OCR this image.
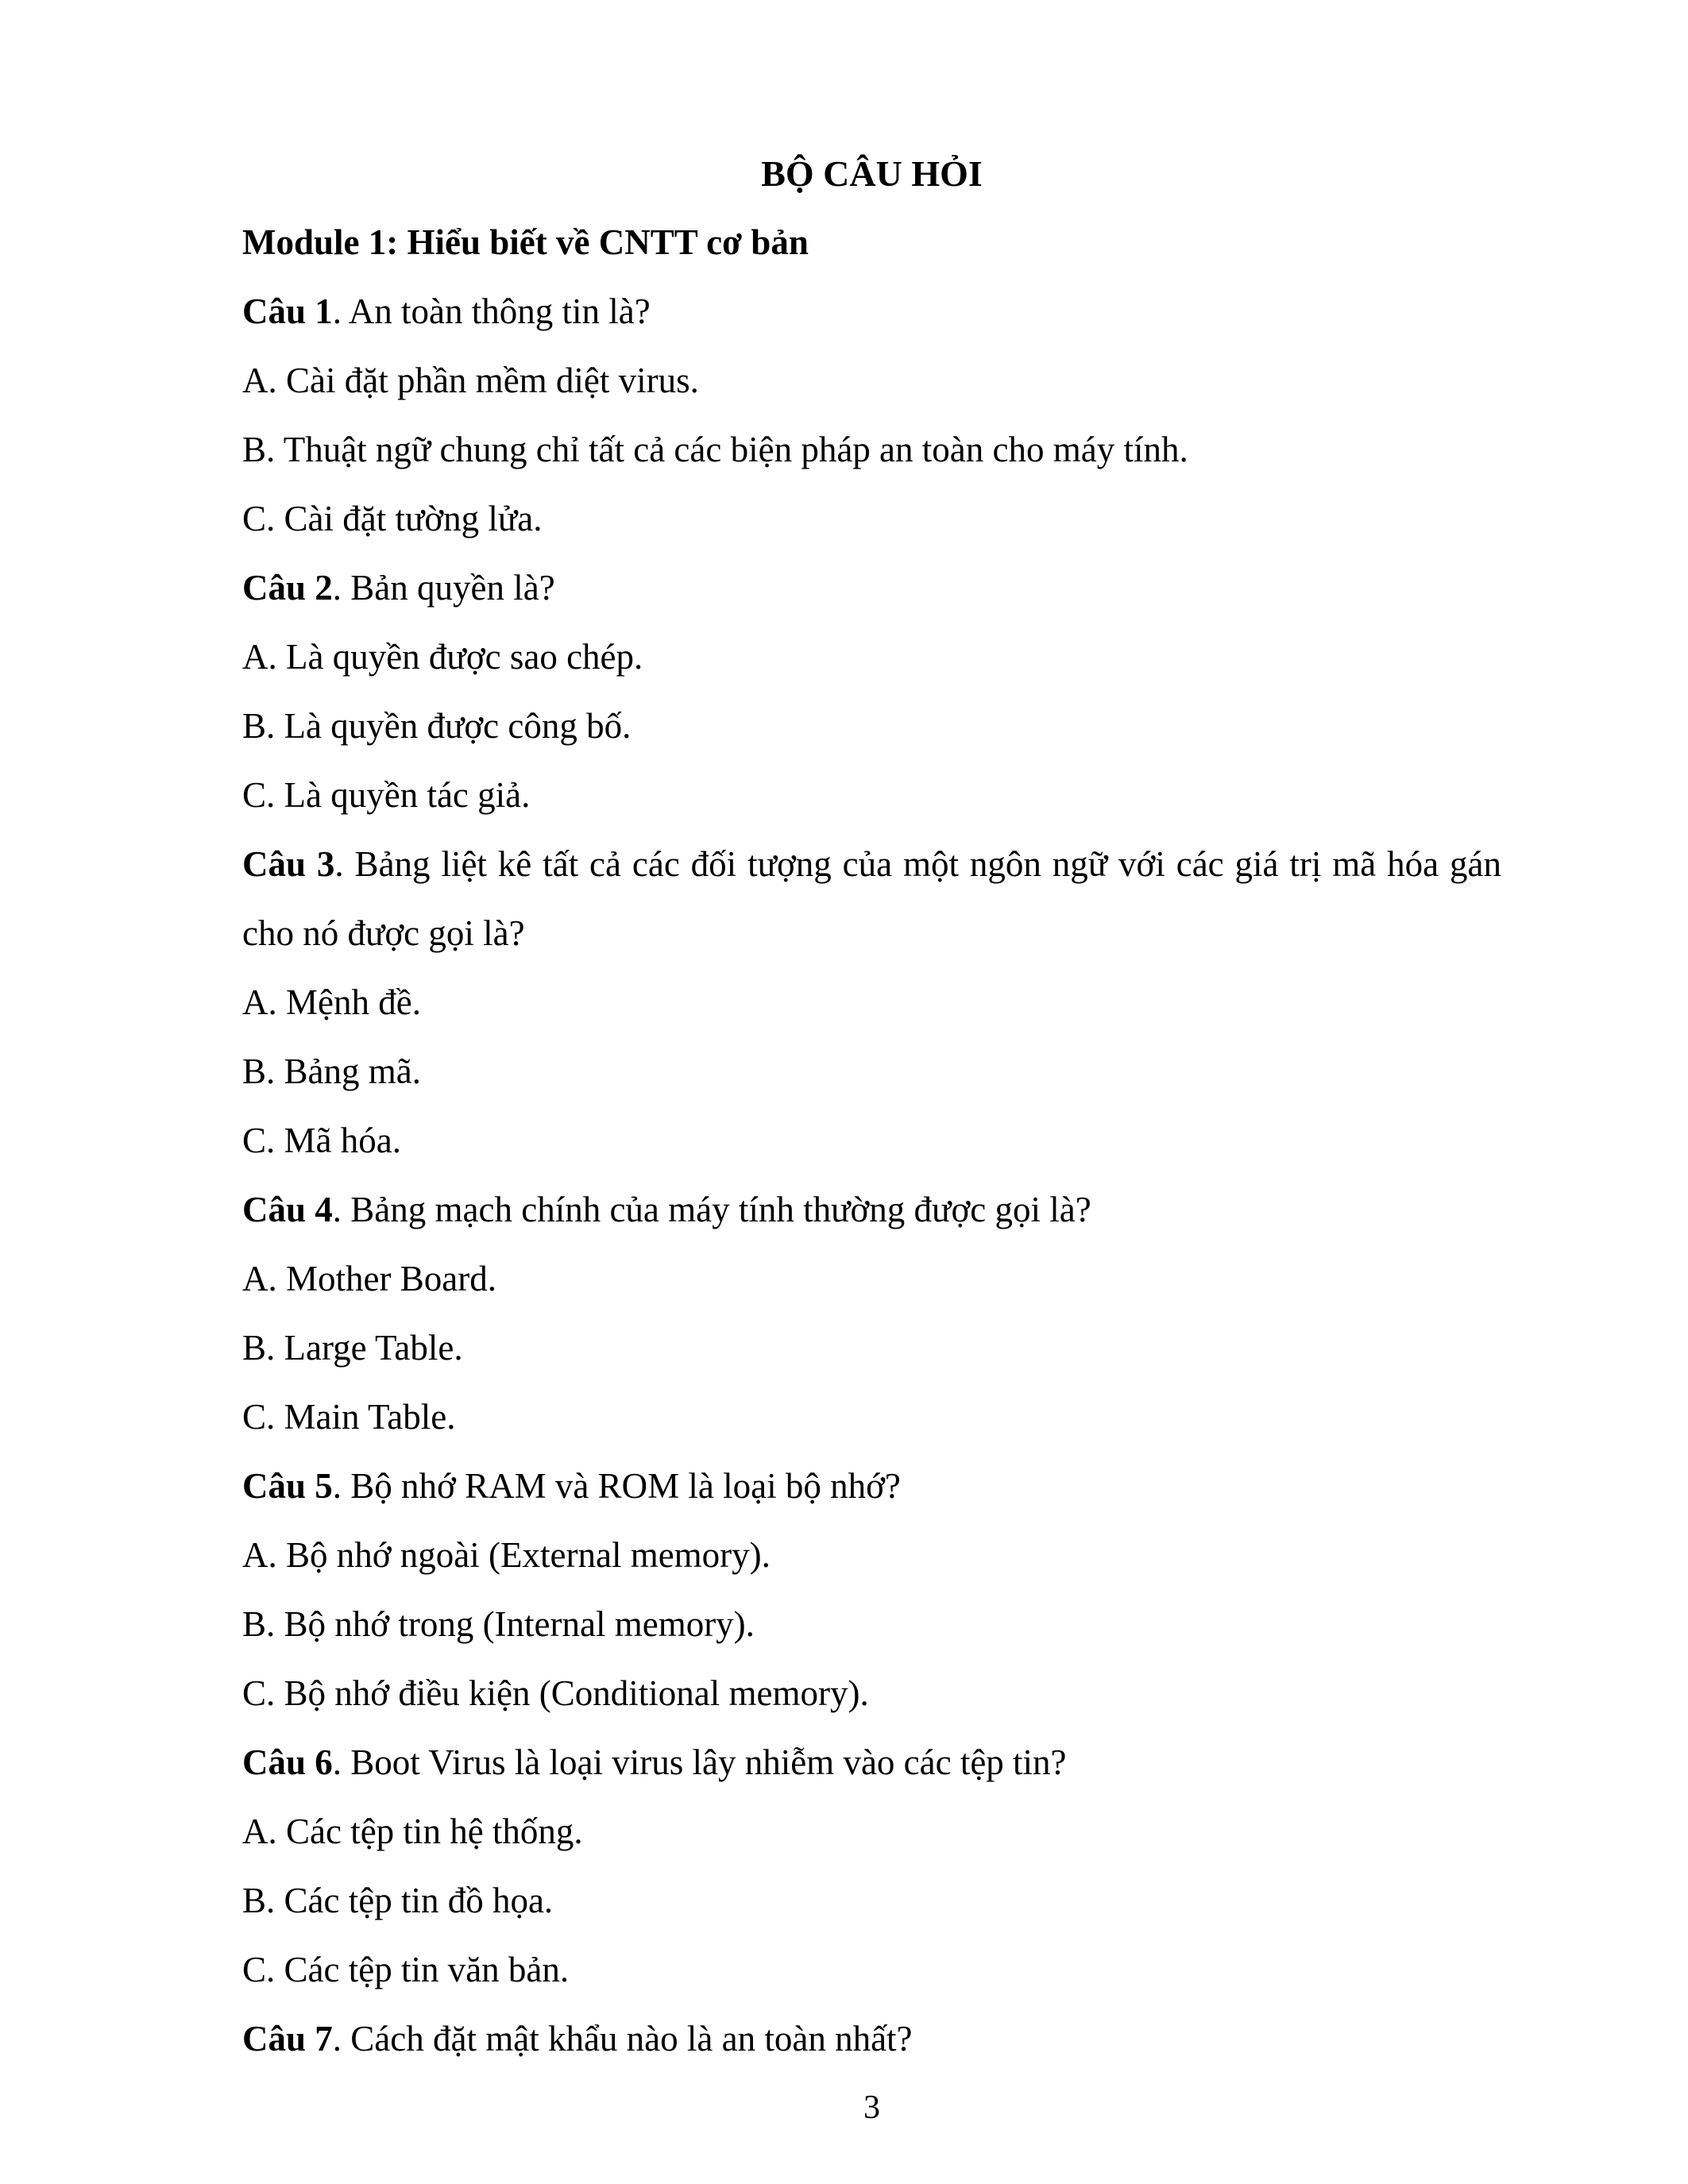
BỘ CÂU HỎI

Module 1: Hiểu biết về CNTT cơ bản

Câu 1. An toàn thông tin là?

A. Cài đặt phần mềm diệt virus.

B. Thuật ngữ chung chỉ tất cả các biện pháp an toàn cho máy tính.

C. Cài đặt tường lửa.

Câu 2. Bản quyền là?

A. Là quyền được sao chép.

B. Là quyền được công bố.

C. Là quyền tác giả.

Câu 3. Bảng liệt kê tất cả các đối tượng của một ngôn ngữ với các giá trị mã hóa gán cho nó được gọi là?

A. Mệnh đề.

B. Bảng mã.

C. Mã hóa.

Câu 4. Bảng mạch chính của máy tính thường được gọi là?

A. Mother Board.

B. Large Table.

C. Main Table.

Câu 5. Bộ nhớ RAM và ROM là loại bộ nhớ?

A. Bộ nhớ ngoài (External memory).

B. Bộ nhớ trong (Internal memory).

C. Bộ nhớ điều kiện (Conditional memory).

Câu 6. Boot Virus là loại virus lây nhiễm vào các tệp tin?

A. Các tệp tin hệ thống.

B. Các tệp tin đồ họa.

C. Các tệp tin văn bản.

Câu 7. Cách đặt mật khẩu nào là an toàn nhất?

3
